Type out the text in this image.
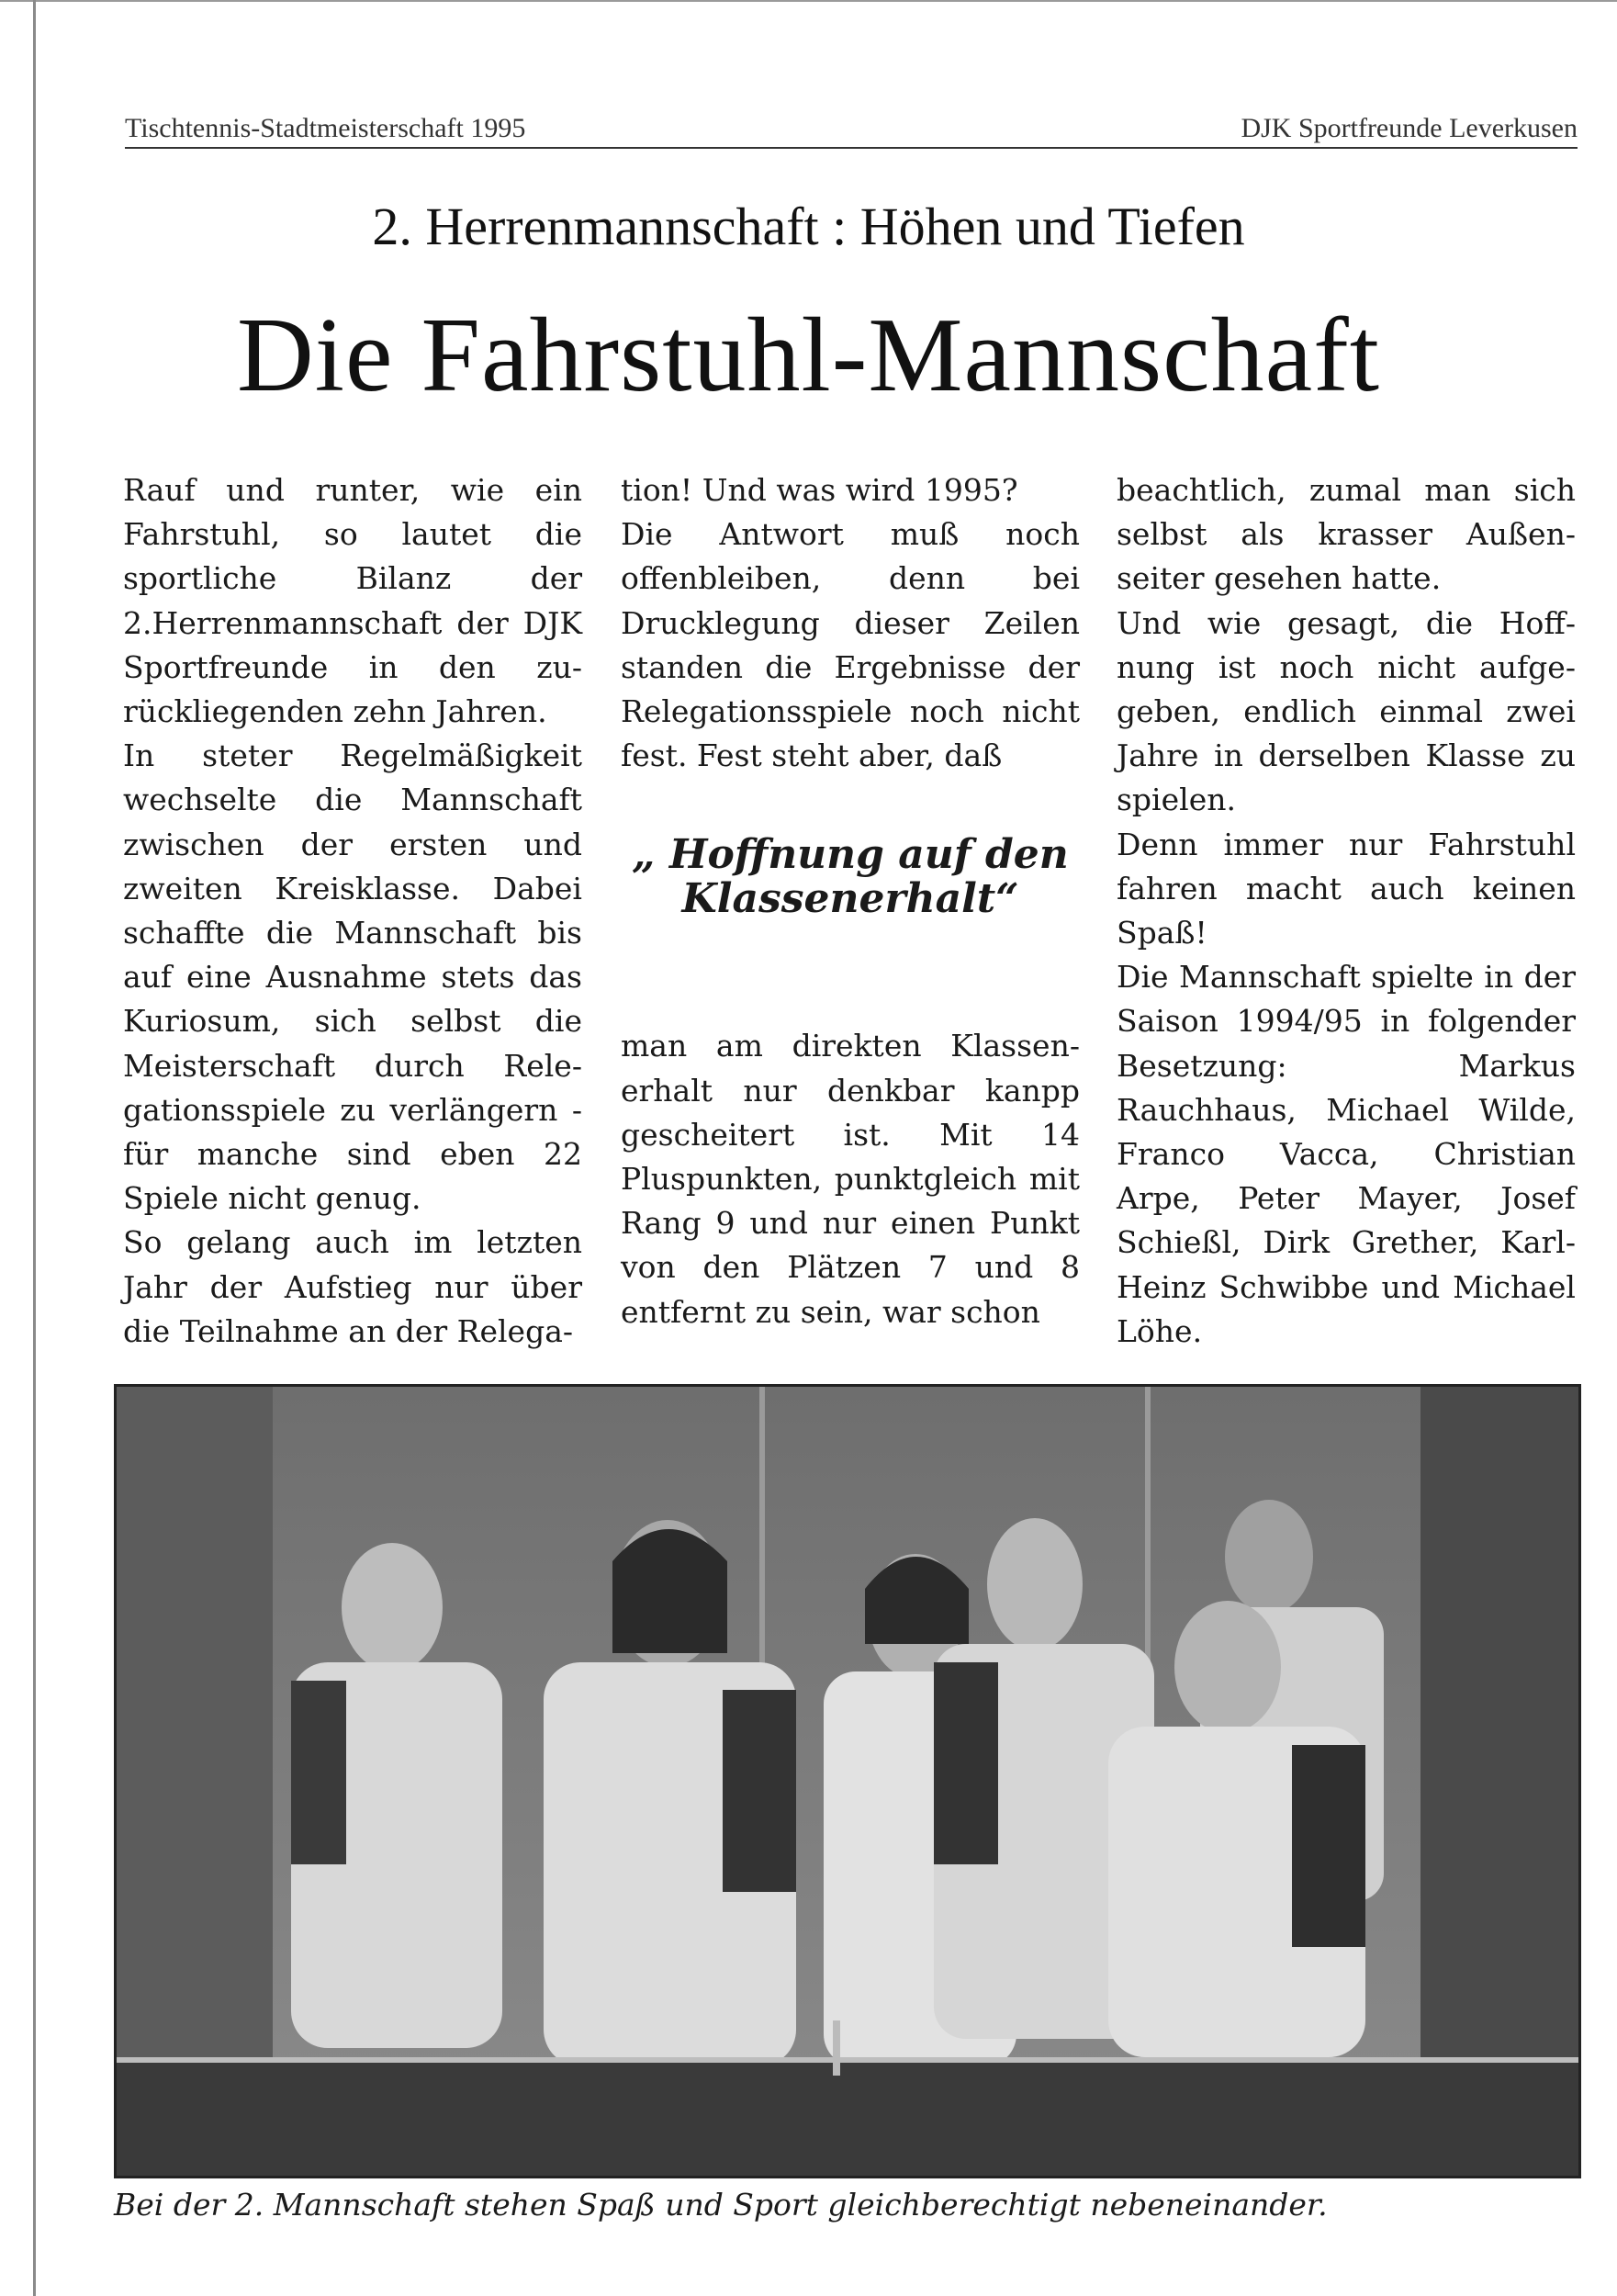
Tischtennis-Stadtmeisterschaft 1995	DJK Sportfreunde Leverkusen
2. Herrenmannschaft : Höhen und Tiefen
Die Fahrstuhl-Mannschaft

Rauf und runter, wie ein Fahrstuhl, so lautet die sportliche Bilanz der 2.Herrenmannschaft der DJK Sportfreunde in den zurückliegenden zehn Jahren.

In steter Regelmäßigkeit wechselte die Mannschaft zwischen der ersten und zweiten Kreisklasse. Dabei schaffte die Mannschaft bis auf eine Ausnahme stets das Kuriosum, sich selbst die Meisterschaft durch Relegationsspiele zu verlängern - für manche sind eben 22 Spiele nicht genug.

So gelang auch im letzten Jahr der Aufstieg nur über die Teilnahme an der Relega-

tion! Und was wird 1995?

Die Antwort muß noch offenbleiben, denn bei Drucklegung dieser Zeilen standen die Ergebnisse der Relegationsspiele noch nicht fest. Fest steht aber, daß

„ Hoffnung auf den Klassenerhalt“

man am direkten Klassenerhalt nur denkbar kanpp gescheitert ist. Mit 14 Pluspunkten, punktgleich mit Rang 9 und nur einen Punkt von den Plätzen 7 und 8 entfernt zu sein, war schon

beachtlich, zumal man sich selbst als krasser Außenseiter gesehen hatte.

Und wie gesagt, die Hoffnung ist noch nicht aufgegeben, endlich einmal zwei Jahre in derselben Klasse zu spielen.

Denn immer nur Fahrstuhl fahren macht auch keinen Spaß!

Die Mannschaft spielte in der Saison 1994/95 in folgender Besetzung: Markus Rauchhaus, Michael Wilde, Franco Vacca, Christian Arpe, Peter Mayer, Josef Schießl, Dirk Grether, Karl-Heinz Schwibbe und Michael Löhe.

Bei der 2. Mannschaft stehen Spaß und Sport gleichberechtigt nebeneinander.
